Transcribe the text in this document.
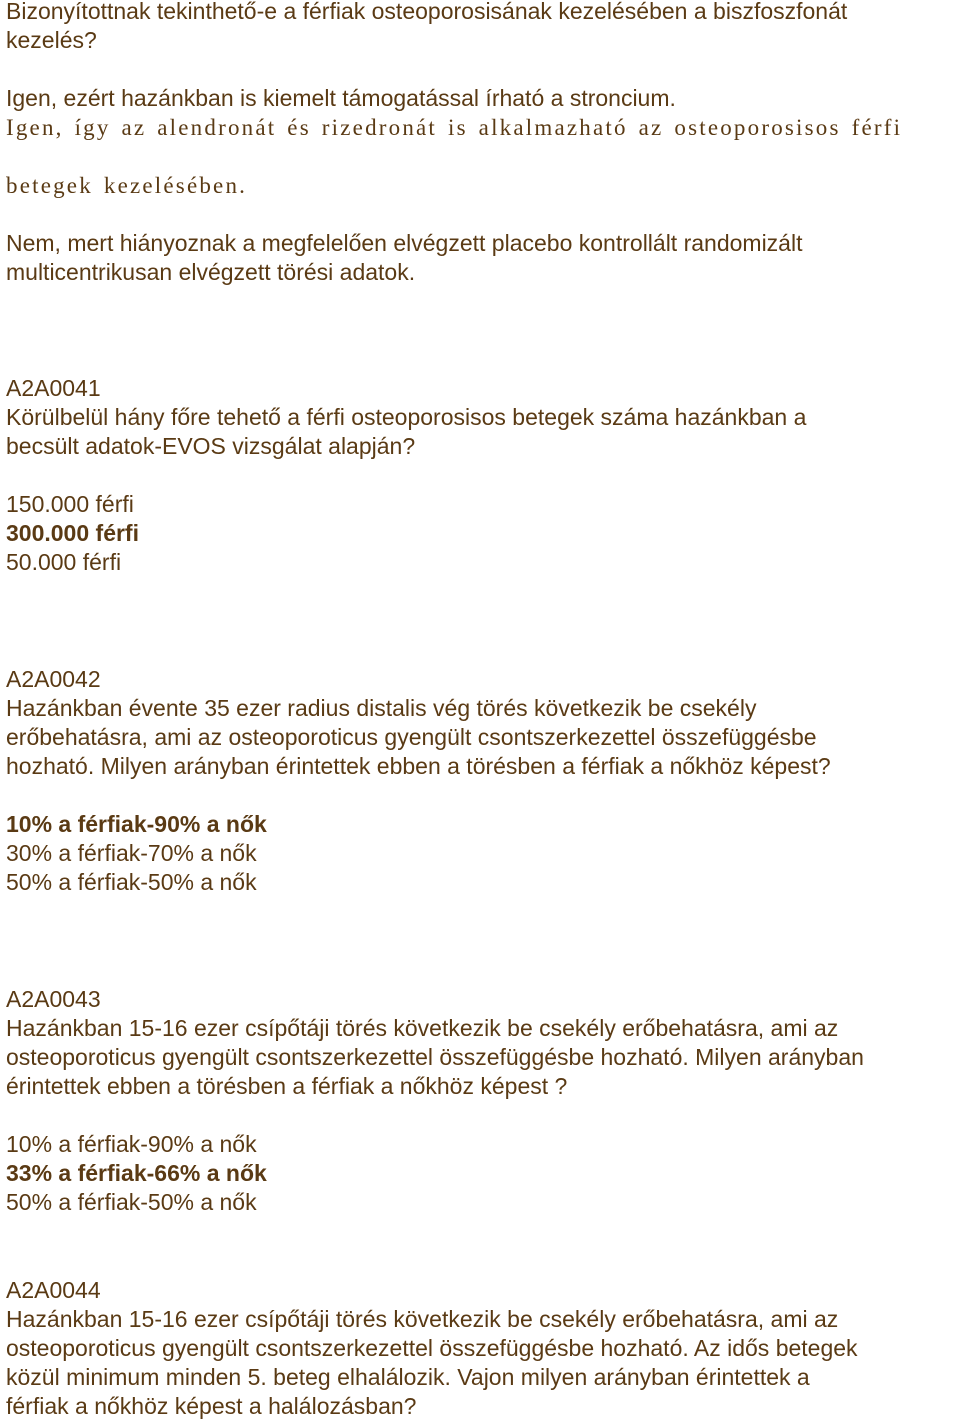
Bizonyítottnak tekinthető-e a férfiak osteoporosisának kezelésében a biszfoszfonát
kezelés?
Igen, ezért hazánkban is kiemelt támogatással írható a stroncium.
Igen, így az alendronát és rizedronát is alkalmazható az osteoporosisos férfi
betegek kezelésében.
Nem, mert hiányoznak a megfelelően elvégzett placebo kontrollált randomizált
multicentrikusan elvégzett törési adatok.
A2A0041
Körülbelül hány főre tehető a férfi osteoporosisos betegek száma hazánkban a
becsült adatok-EVOS vizsgálat alapján?
150.000 férfi
300.000 férfi
50.000 férfi
A2A0042
Hazánkban évente 35 ezer radius distalis vég törés következik be csekély
erőbehatásra, ami az osteoporoticus gyengült csontszerkezettel összefüggésbe
hozható. Milyen arányban érintettek ebben a törésben a férfiak a nőkhöz képest?
10% a férfiak-90% a nők
30% a férfiak-70% a nők
50% a férfiak-50% a nők
A2A0043
Hazánkban 15-16 ezer csípőtáji törés következik be csekély erőbehatásra, ami az
osteoporoticus gyengült csontszerkezettel összefüggésbe hozható. Milyen arányban
érintettek ebben a törésben a férfiak a nőkhöz képest ?
10% a férfiak-90% a nők
33% a férfiak-66% a nők
50% a férfiak-50% a nők
A2A0044
Hazánkban 15-16 ezer csípőtáji törés következik be csekély erőbehatásra, ami az
osteoporoticus gyengült csontszerkezettel összefüggésbe hozható. Az idős betegek
közül minimum minden 5. beteg elhalálozik. Vajon milyen arányban érintettek a
férfiak a nőkhöz képest a halálozásban?
